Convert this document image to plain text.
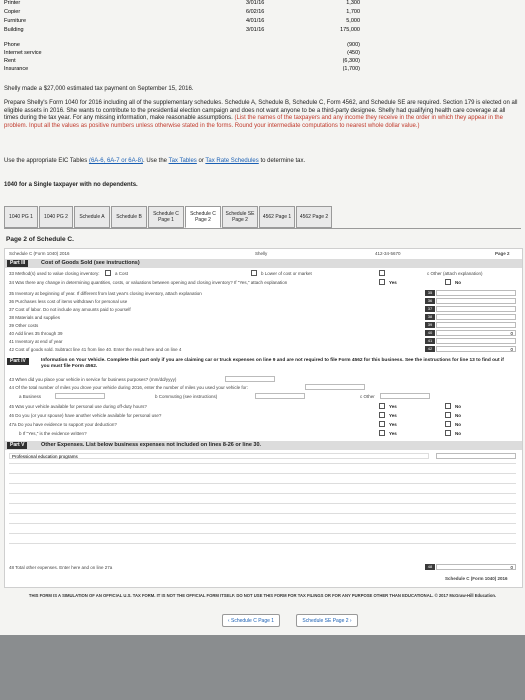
Printer	3/01/16	1,300
Copier	6/02/16	1,700
Furniture	4/01/16	5,000
Building	3/01/16	175,000
Phone	(900)
Internet service	(450)
Rent	(6,300)
Insurance	(1,700)
Shelly made a $27,000 estimated tax payment on September 15, 2016.
Prepare Shelly's Form 1040 for 2016 including all of the supplementary schedules. Schedule A, Schedule B, Schedule C, Form 4562, and Schedule SE are required. Section 179 is elected on all eligible assets in 2016. She wants to contribute to the presidential election campaign and does not want anyone to be a third-party designee. Shelly had qualifying health care coverage at all times during the tax year. For any missing information, make reasonable assumptions. (List the names of the taxpayers and any income they receive in the order in which they appear in the problem. Input all the values as positive numbers unless otherwise stated in the forms. Round your intermediate computations to nearest whole dollar value.)
Use the appropriate EIC Tables (6A-6, 6A-7 or 6A-8). Use the Tax Tables or Tax Rate Schedules to determine tax.
1040 for a Single taxpayer with no dependents.
1040 PG 1	1040 PG 2	Schedule A	Schedule B	Schedule C Page 1
Schedule C Page 2
Schedule SE Page 2	4562 Page 1	4562 Page 2
Page 2 of Schedule C.
Schedule C (Form 1040) 2016	Shelly	412-34-5670	Page 2
Part III	Cost of Goods Sold (see instructions)
33 Method(s) used to value closing inventory:	a Cost	b Lower of cost or market	c Other (attach explanation)
34 Was there any change in determining quantities, costs, or valuations between opening and closing inventory? If "Yes," attach explanation	Yes	No
35 Inventory at beginning of year. If different from last year's closing inventory, attach explanation	35
36 Purchases less cost of items withdrawn for personal use	36
37 Cost of labor. Do not include any amounts paid to yourself	37
38 Materials and supplies	38
39 Other costs	39
40 Add lines 35 through 39	40	0
41 Inventory at end of year	41
42 Cost of goods sold. Subtract line 41 from line 40. Enter the result here and on line 4	42	0
Part IV	Information on Your Vehicle. Complete this part only if you are claiming car or truck expenses on line 9 and are not required to file Form 4562 for this business. See the instructions for line 13 to find out if you must file Form 4562.
43 When did you place your vehicle in service for business purposes? (mm/dd/yyyy)
44 Of the total number of miles you drove your vehicle during 2016, enter the number of miles you used your vehicle for:
a Business	b Commuting (see instructions)	c Other
45 Was your vehicle available for personal use during off-duty hours?	Yes	No
46 Do you (or your spouse) have another vehicle available for personal use?	Yes	No
47a Do you have evidence to support your deduction?	Yes	No
b If "Yes," is the evidence written?	Yes	No
Part V	Other Expenses. List below business expenses not included on lines 8-26 or line 30.
Professional education programs
48 Total other expenses. Enter here and on line 27a	48	0
Schedule C (Form 1040) 2016
THIS FORM IS A SIMULATION OF AN OFFICIAL U.S. TAX FORM. IT IS NOT THE OFFICIAL FORM ITSELF. DO NOT USE THIS FORM FOR TAX FILINGS OR FOR ANY PURPOSE OTHER THAN EDUCATIONAL. © 2017 McGraw-Hill Education.
‹ Schedule C Page 1	Schedule SE Page 2 ›
